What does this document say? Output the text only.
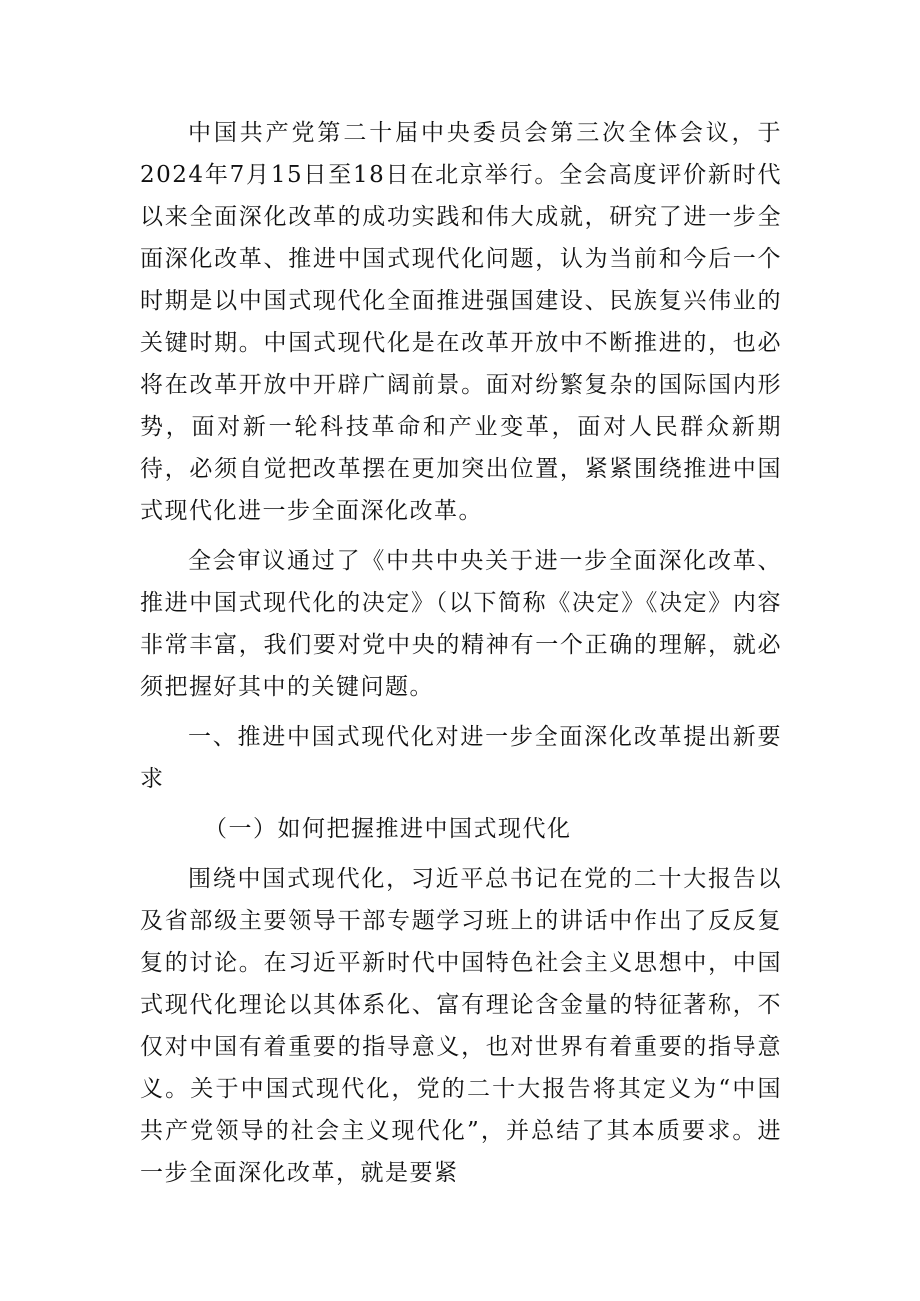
中国共产党第二十届中央委员会第三次全体会议，于2024年7月15日至18日在北京举行。全会高度评价新时代以来全面深化改革的成功实践和伟大成就，研究了进一步全面深化改革、推进中国式现代化问题，认为当前和今后一个时期是以中国式现代化全面推进强国建设、民族复兴伟业的关键时期。中国式现代化是在改革开放中不断推进的，也必将在改革开放中开辟广阔前景。面对纷繁复杂的国际国内形势，面对新一轮科技革命和产业变革，面对人民群众新期待，必须自觉把改革摆在更加突出位置，紧紧围绕推进中国式现代化进一步全面深化改革。

全会审议通过了《中共中央关于进一步全面深化改革、推进中国式现代化的决定》（以下简称《决定》《决定》内容非常丰富，我们要对党中央的精神有一个正确的理解，就必须把握好其中的关键问题。

一、推进中国式现代化对进一步全面深化改革提出新要求

（一）如何把握推进中国式现代化

围绕中国式现代化，习近平总书记在党的二十大报告以及省部级主要领导干部专题学习班上的讲话中作出了反反复复的讨论。在习近平新时代中国特色社会主义思想中，中国式现代化理论以其体系化、富有理论含金量的特征著称，不仅对中国有着重要的指导意义，也对世界有着重要的指导意义。关于中国式现代化，党的二十大报告将其定义为“中国共产党领导的社会主义现代化”，并总结了其本质要求。进一步全面深化改革，就是要紧
